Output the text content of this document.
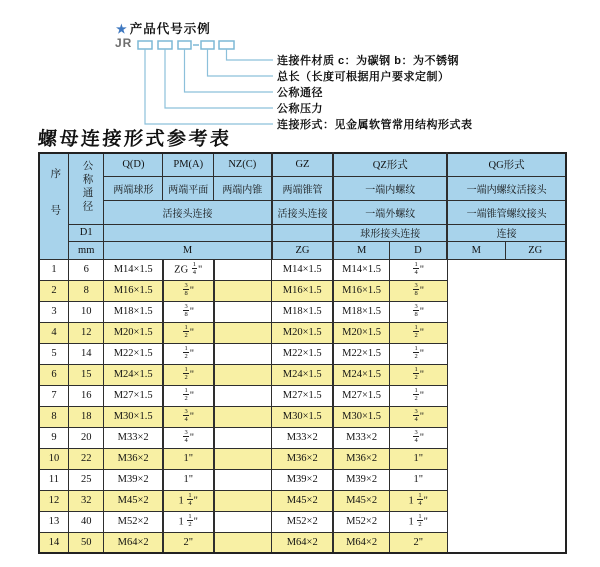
★ 产品代号示例
JR
连接件材质 c：为碳钢 b：为不锈钢
总长（长度可根据用户要求定制）
公称通径
公称压力
连接形式：见金属软管常用结构形式表
螺母连接形式参考表
序号	公称通径	Q(D)	PM(A)	NZ(C)	GZ	QZ形式		QG形式	
		两端球形	两端平面	两端内锥	两端锥管	一端内螺纹		一端内螺纹活接头	
		活接头连接			活接头连接	一端外螺纹		一端锥管螺纹接头	
	D1					球形接头连接		连接	
	mm	M			ZG	M	D	M	ZG
1	6	M14×1.5	ZG $\frac{1}{4}$ "		M14×1.5	M14×1.5	$\frac{1}{4}$ "		
2	8	M16×1.5	$\frac{3}{8}$ "		M16×1.5	M16×1.5	$\frac{3}{8}$ "		
3	10	M18×1.5	$\frac{3}{8}$ "		M18×1.5	M18×1.5	$\frac{3}{8}$ "		
4	12	M20×1.5	$\frac{1}{2}$ "		M20×1.5	M20×1.5	$\frac{1}{2}$ "		
5	14	M22×1.5	$\frac{1}{2}$ "		M22×1.5	M22×1.5	$\frac{1}{2}$ "		
6	15	M24×1.5	$\frac{1}{2}$ "		M24×1.5	M24×1.5	$\frac{1}{2}$ "		
7	16	M27×1.5	$\frac{1}{2}$ "		M27×1.5	M27×1.5	$\frac{1}{2}$ "		
8	18	M30×1.5	$\frac{3}{4}$ "		M30×1.5	M30×1.5	$\frac{3}{4}$ "		
9	20	M33×2	$\frac{3}{4}$ "		M33×2	M33×2	$\frac{3}{4}$ "		
10	22	M36×2	1"		M36×2	M36×2	1"		
11	25	M39×2	1"		M39×2	M39×2	1"		
12	32	M45×2	$1 \frac{1}{4}$ "		M45×2	M45×2	$1 \frac{1}{4}$ "		
13	40	M52×2	$1 \frac{1}{2}$ "		M52×2	M52×2	$1 \frac{1}{2}$ "		
14	50	M64×2	2"		M64×2	M64×2	2"		
